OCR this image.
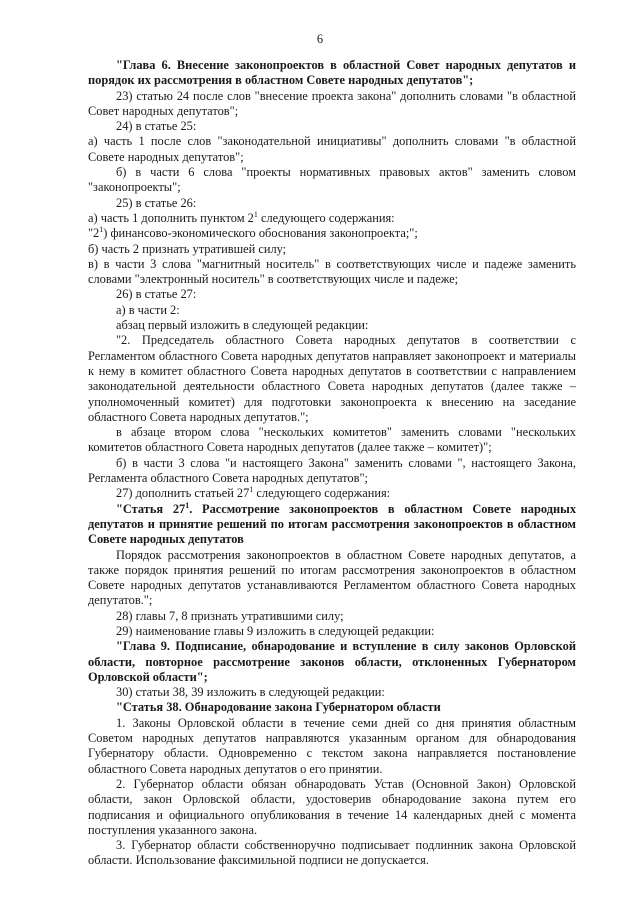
6

"Глава 6. Внесение законопроектов в областной Совет народных депутатов и порядок их рассмотрения в областном Совете народных депутатов";

23) статью 24 после слов "внесение проекта закона" дополнить словами "в областной Совет народных депутатов";

24) в статье 25:

а) часть 1 после слов "законодательной инициативы" дополнить словами "в областной Совете народных депутатов";

б) в части 6 слова "проекты нормативных правовых актов" заменить словом "законопроекты";

25) в статье 26:

а) часть 1 дополнить пунктом $2^1$ следующего содержания:

"$2^1$) финансово-экономического обоснования законопроекта;";

б) часть 2 признать утратившей силу;

в) в части 3 слова "магнитный носитель" в соответствующих числе и падеже заменить словами "электронный носитель" в соответствующих числе и падеже;

26) в статье 27:

а) в части 2:

абзац первый изложить в следующей редакции:

"2. Председатель областного Совета народных депутатов в соответствии с Регламентом областного Совета народных депутатов направляет законопроект и материалы к нему в комитет областного Совета народных депутатов в соответствии с направлением законодательной деятельности областного Совета народных депутатов (далее также – уполномоченный комитет) для подготовки законопроекта к внесению на заседание областного Совета народных депутатов.";

в абзаце втором слова "нескольких комитетов" заменить словами "нескольких комитетов областного Совета народных депутатов (далее также – комитет)";

б) в части 3 слова "и настоящего Закона" заменить словами ", настоящего Закона, Регламента областного Совета народных депутатов";

27) дополнить статьей $27^1$ следующего содержания:

"Статья $27^1$. Рассмотрение законопроектов в областном Совете народных депутатов и принятие решений по итогам рассмотрения законопроектов в областном Совете народных депутатов

Порядок рассмотрения законопроектов в областном Совете народных депутатов, а также порядок принятия решений по итогам рассмотрения законопроектов в областном Совете народных депутатов устанавливаются Регламентом областного Совета народных депутатов.";

28) главы 7, 8 признать утратившими силу;

29) наименование главы 9 изложить в следующей редакции:

"Глава 9. Подписание, обнародование и вступление в силу законов Орловской области, повторное рассмотрение законов области, отклоненных Губернатором Орловской области";

30) статьи 38, 39 изложить в следующей редакции:

"Статья 38. Обнародование закона Губернатором области

1. Законы Орловской области в течение семи дней со дня принятия областным Советом народных депутатов направляются указанным органом для обнародования Губернатору области. Одновременно с текстом закона направляется постановление областного Совета народных депутатов о его принятии.

2. Губернатор области обязан обнародовать Устав (Основной Закон) Орловской области, закон Орловской области, удостоверив обнародование закона путем его подписания и официального опубликования в течение 14 календарных дней с момента поступления указанного закона.

3. Губернатор области собственноручно подписывает подлинник закона Орловской области. Использование факсимильной подписи не допускается.
